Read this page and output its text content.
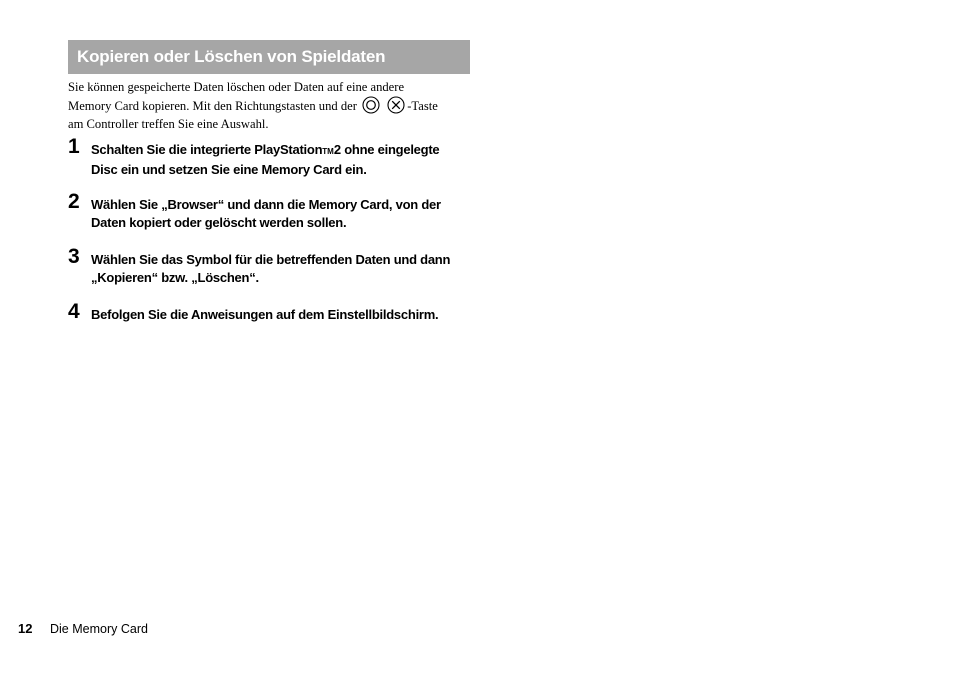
Kopieren oder Löschen von Spieldaten
Sie können gespeicherte Daten löschen oder Daten auf eine andere
Memory Card kopieren. Mit den Richtungstasten und der	-Taste
am Controller treffen Sie eine Auswahl.
1 Schalten Sie die integrierte PlayStationTM2 ohne eingelegte
Disc ein und setzen Sie eine Memory Card ein.
2 Wählen Sie „Browser“ und dann die Memory Card, von der
Daten kopiert oder gelöscht werden sollen.
3 Wählen Sie das Symbol für die betreffenden Daten und dann
„Kopieren“ bzw. „Löschen“.
4 Befolgen Sie die Anweisungen auf dem Einstellbildschirm.
12 Die Memory Card
